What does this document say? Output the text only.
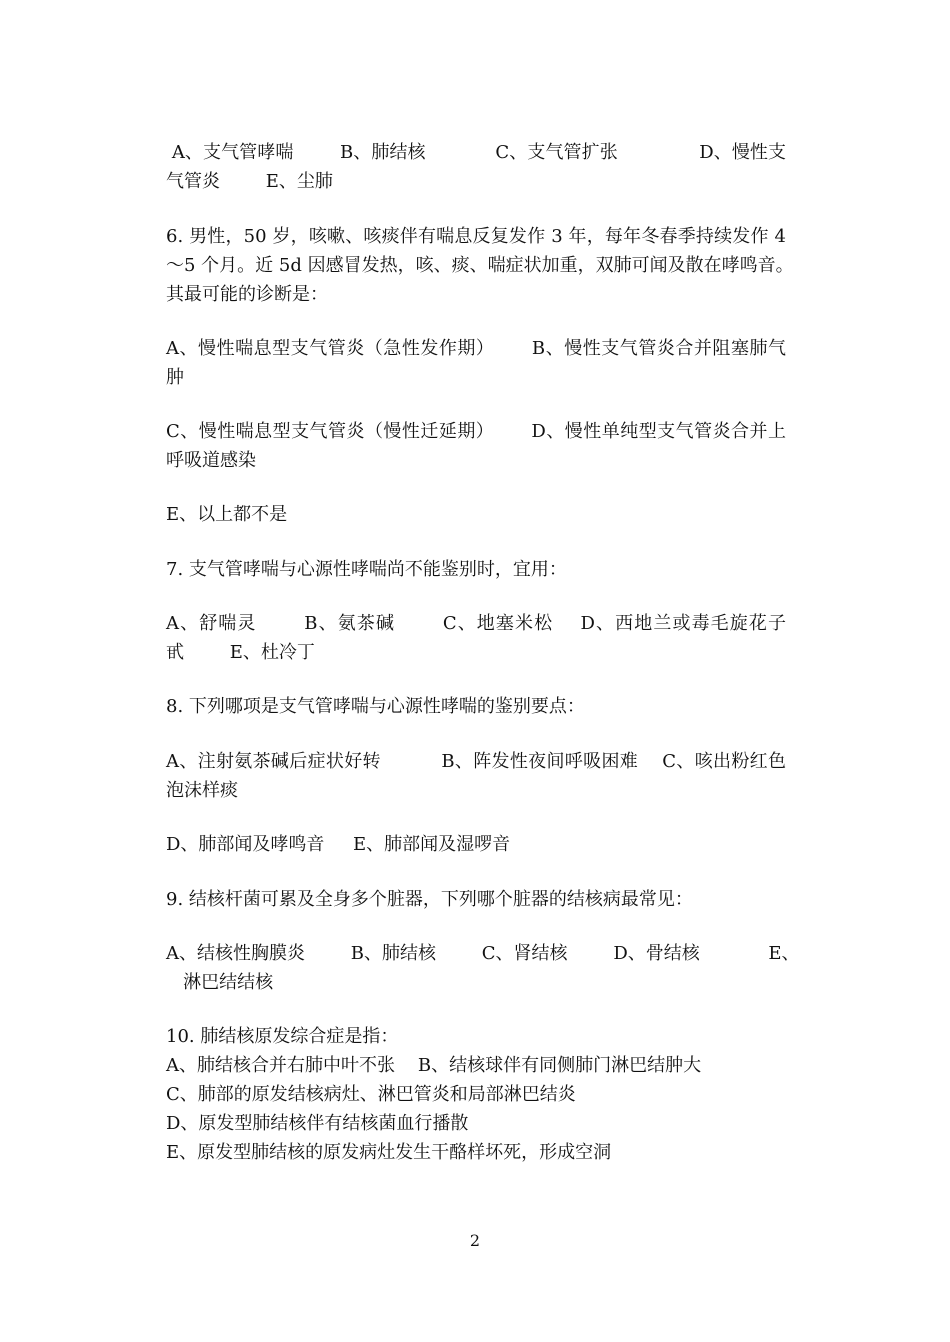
A、支气管哮喘        B、肺结核            C、支气管扩张              D、慢性支
气管炎        E、尘肺
6. 男性，50 岁，咳嗽、咳痰伴有喘息反复发作 3 年，每年冬春季持续发作 4
～5 个月。近 5d 因感冒发热，咳、痰、喘症状加重，双肺可闻及散在哮鸣音。
其最可能的诊断是：
A、慢性喘息型支气管炎（急性发作期）      B、慢性支气管炎合并阻塞肺气
肿
C、慢性喘息型支气管炎（慢性迁延期）      D、慢性单纯型支气管炎合并上
呼吸道感染
E、以上都不是
7. 支气管哮喘与心源性哮喘尚不能鉴别时，宜用：
A、舒喘灵       B、氨茶碱       C、地塞米松    D、西地兰或毒毛旋花子
甙        E、杜冷丁
8. 下列哪项是支气管哮喘与心源性哮喘的鉴别要点：
A、注射氨茶碱后症状好转          B、阵发性夜间呼吸困难    C、咳出粉红色
泡沫样痰
D、肺部闻及哮鸣音     E、肺部闻及湿啰音
9. 结核杆菌可累及全身多个脏器，下列哪个脏器的结核病最常见：
A、结核性胸膜炎        B、肺结核        C、肾结核        D、骨结核            E、
淋巴结结核
10. 肺结核原发综合症是指：
A、肺结核合并右肺中叶不张    B、结核球伴有同侧肺门淋巴结肿大
C、肺部的原发结核病灶、淋巴管炎和局部淋巴结炎
D、原发型肺结核伴有结核菌血行播散
E、原发型肺结核的原发病灶发生干酪样坏死，形成空洞
2
